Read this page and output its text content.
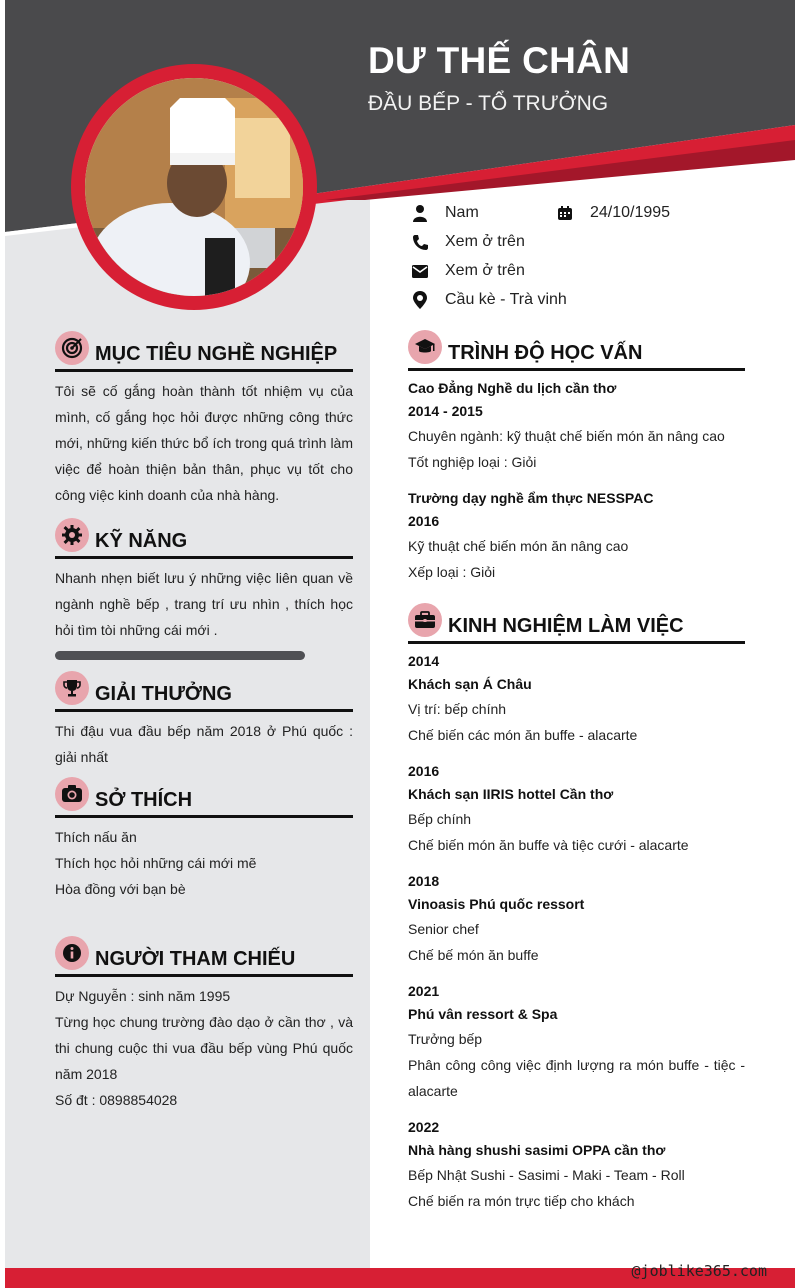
DƯ THẾ CHÂN
ĐẦU BẾP - TỔ TRƯỞNG
Nam	24/10/1995
Xem ở trên
Xem ở trên
Cầu kè - Trà vinh
MỤC TIÊU NGHỀ NGHIỆP
Tôi sẽ cố gắng hoàn thành tốt nhiệm vụ của mình, cố gắng học hỏi được những công thức mới, những kiến thức bổ ích trong quá trình làm việc để hoàn thiện bản thân, phục vụ tốt cho công việc kinh doanh của nhà hàng.
KỸ NĂNG
Nhanh nhẹn biết lưu ý những việc liên quan về ngành nghề bếp , trang trí ưu nhìn , thích học hỏi tìm tòi những cái mới .
GIẢI THƯỞNG
Thi đậu vua đầu bếp năm 2018 ở Phú quốc : giải nhất
SỞ THÍCH
Thích nấu ăn
Thích học hỏi những cái mới mẽ
Hòa đồng với bạn bè
NGƯỜI THAM CHIẾU
Dự Nguyễn : sinh năm 1995
Từng học chung trường đào dạo ở cần thơ , và thi chung cuộc thi vua đầu bếp vùng Phú quốc năm 2018
Số đt : 0898854028
TRÌNH ĐỘ HỌC VẤN
Cao Đẳng Nghề du lịch cần thơ
2014 - 2015
Chuyên ngành: kỹ thuật chế biến món ăn nâng cao
Tốt nghiệp loại : Giỏi
Trường dạy nghề ẩm thực NESSPAC
2016
Kỹ thuật chế biến món ăn nâng cao
Xếp loại : Giỏi
KINH NGHIỆM LÀM VIỆC
2014
Khách sạn Á Châu
Vị trí: bếp chính
Chế biến các món ăn buffe - alacarte
2016
Khách sạn IIRIS hottel Cần thơ
Bếp chính
Chế biến món ăn buffe và tiệc cưới - alacarte
2018
Vinoasis Phú quốc ressort
Senior chef
Chế bế món ăn buffe
2021
Phú vân ressort & Spa
Trưởng bếp
Phân công công việc định lượng ra món buffe - tiệc - alacarte
2022
Nhà hàng shushi sasimi OPPA cần thơ
Bếp Nhật Sushi - Sasimi - Maki - Team - Roll
Chế biến ra món trực tiếp cho khách
@joblike365.com
